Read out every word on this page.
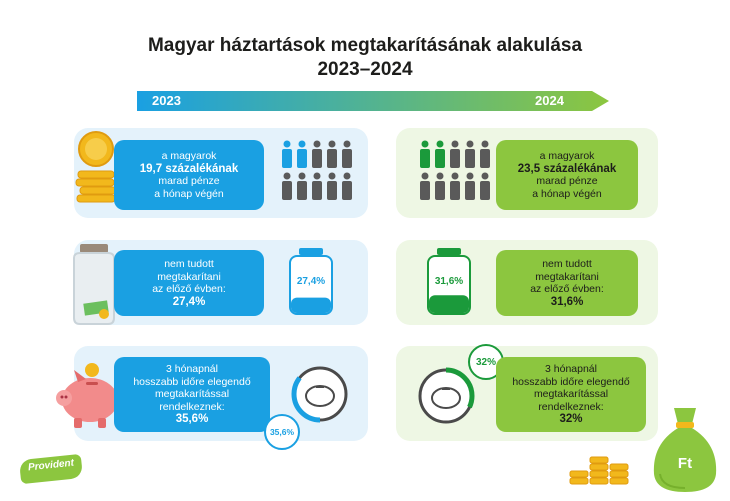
Magyar háztartások megtakarításának alakulása
2023–2024
2023	2024
a magyarok
19,7 százalékának
marad pénze
a hónap végén
nem tudott
megtakarítani
az előző évben:
27,4%
27,4%
3 hónapnál
hosszabb időre elegendő
megtakarítással
rendelkeznek:
35,6%
35,6%
a magyarok
23,5 százalékának
marad pénze
a hónap végén
31,6%
nem tudott
megtakarítani
az előző évben:
31,6%
32%
3 hónapnál
hosszabb időre elegendő
megtakarítással
rendelkeznek:
32%
Ft
Provident
